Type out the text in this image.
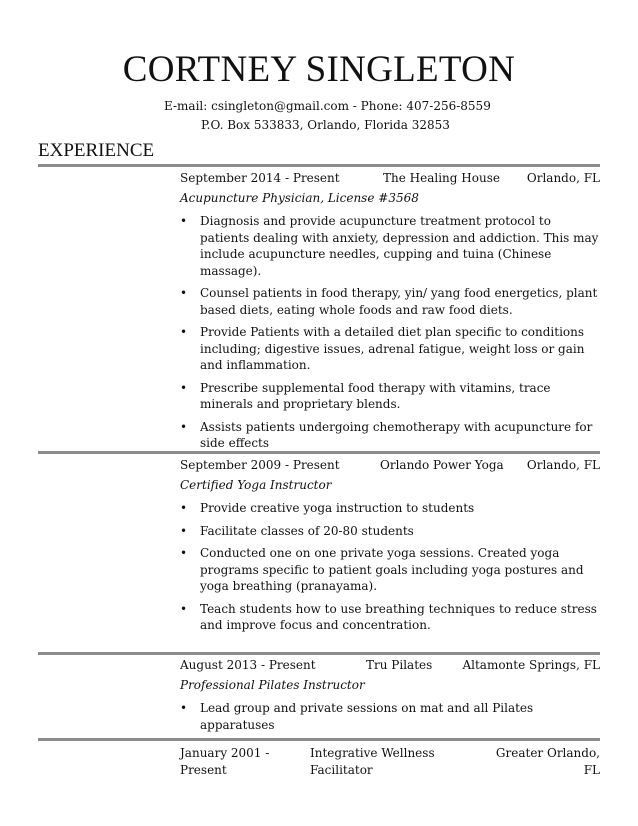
CORTNEY SINGLETON
E-mail: csingleton@gmail.com - Phone: 407-256-8559
P.O. Box 533833, Orlando, Florida 32853
EXPERIENCE
September 2014 - Present	The Healing House Orlando, FL
Acupuncture Physician, License #3568
• Diagnosis and provide acupuncture treatment protocol to patients dealing with anxiety, depression and addiction. This may include acupuncture needles, cupping and tuina (Chinese massage).
• Counsel patients in food therapy, yin/ yang food energetics, plant based diets, eating whole foods and raw food diets.
• Provide Patients with a detailed diet plan specific to conditions including; digestive issues, adrenal fatigue, weight loss or gain and inflammation.
• Prescribe supplemental food therapy with vitamins, trace minerals and proprietary blends.
• Assists patients undergoing chemotherapy with acupuncture for side effects
September 2009 - Present	Orlando Power Yoga Orlando, FL
Certified Yoga Instructor
• Provide creative yoga instruction to students
• Facilitate classes of 20-80 students
• Conducted one on one private yoga sessions. Created yoga programs specific to patient goals including yoga postures and yoga breathing (pranayama).
• Teach students how to use breathing techniques to reduce stress and improve focus and concentration.
August 2013 - Present	Tru Pilates	Altamonte Springs, FL
Professional Pilates Instructor
• Lead group and private sessions on mat and all Pilates apparatuses
January 2001 - Present
Integrative Wellness Facilitator
Greater Orlando, FL
